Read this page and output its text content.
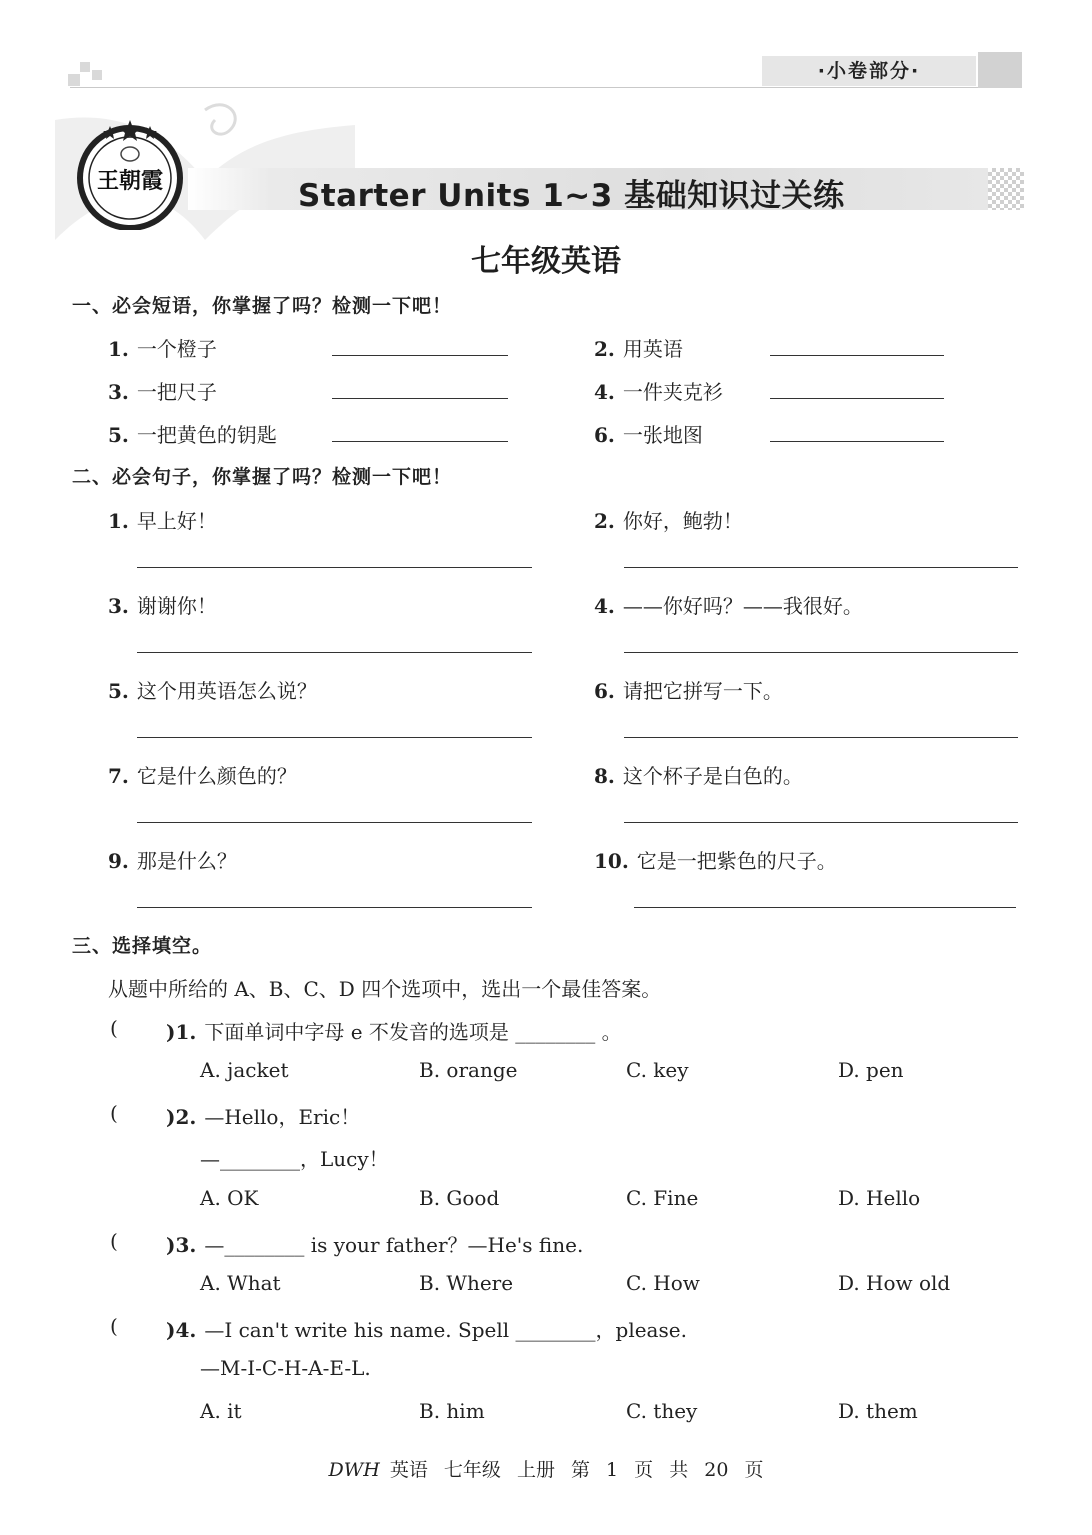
·小卷部分·
王朝霞	Starter Units 1~3 基础知识过关练
七年级英语
一、必会短语，你掌握了吗？检测一下吧！
1. 一个橙子	2. 用英语
3. 一把尺子	4. 一件夹克衫
5. 一把黄色的钥匙	6. 一张地图
二、必会句子，你掌握了吗？检测一下吧！
1. 早上好！	2. 你好，鲍勃！
3. 谢谢你！	4. ——你好吗？——我很好。
5. 这个用英语怎么说？	6. 请把它拼写一下。
7. 它是什么颜色的？	8. 这个杯子是白色的。
9. 那是什么？	10. 它是一把紫色的尺子。
三、选择填空。
从题中所给的 A、B、C、D 四个选项中，选出一个最佳答案。
( )1. 下面单词中字母 e 不发音的选项是 ________ 。
A. jacket	B. orange	C. key	D. pen
( )2. —Hello，Eric！
—________，Lucy！
A. OK	B. Good	C. Fine	D. Hello
( )3. —________ is your father？—He's fine.
A. What	B. Where	C. How	D. How old
( )4. —I can't write his name. Spell ________，please.
—M-I-C-H-A-E-L.
A. it	B. him	C. they	D. them
DWH 英语 七年级 上册 第 1 页 共 20 页
